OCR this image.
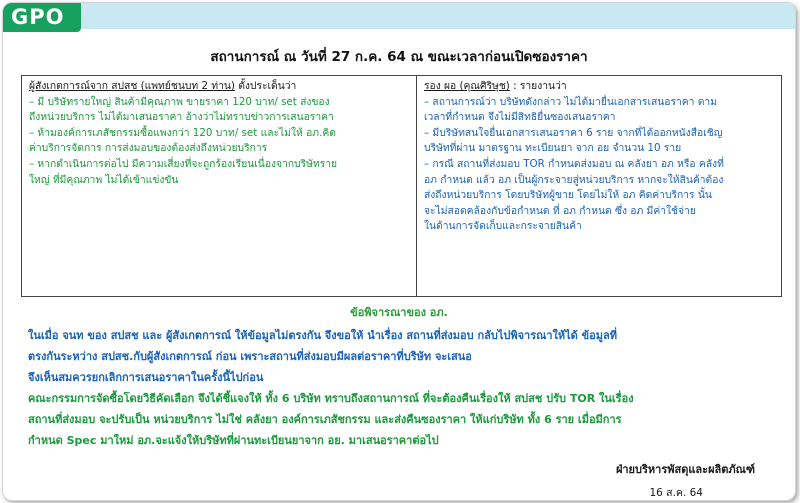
GPO
สถานการณ์ ณ วันที่ 27 ก.ค. 64 ณ ขณะเวลาก่อนเปิดซองราคา

ผู้สังเกตการณ์จาก สปสช (แพทย์ชนบท 2 ท่าน) ตั้งประเด็นว่า

– มี บริษัทรายใหญ่ สินค้ามีคุณภาพ ขายราคา 120 บาท/ set ส่งของ

ถึงหน่วยบริการ ไม่ได้มาเสนอราคา อ้างว่าไม่ทราบข่าวการเสนอราคา

– ห้ามองค์การเภสัชกรรมซื้อแพงกว่า 120 บาท/ set และไม่ให้ อภ.คิด

ค่าบริการจัดการ การส่งมอบของต้องส่งถึงหน่วยบริการ

– หากดำเนินการต่อไป มีความเสี่ยงที่จะถูกร้องเรียนเนื่องจากบริษัทราย

ใหญ่ ที่มีคุณภาพ ไม่ได้เข้าแข่งขัน

รอง ผอ (คุณศิริษุช) : รายงานว่า

– สถานการณ์ว่า บริษัทดังกล่าว ไม่ได้มายื่นเอกสารเสนอราคา ตาม

เวลาที่กำหนด จึงไม่มีสิทธิยื่นซองเสนอราคา

– มีบริษัทสนใจยื่นเอกสารเสนอราคา 6 ราย จากที่ได้ออกหนังสือเชิญ

บริษัทที่ผ่าน มาตรฐาน ทะเบียนยา จาก อย จำนวน 10 ราย

– กรณี สถานที่ส่งมอบ TOR กำหนดส่งมอบ ณ คลังยา อภ หรือ คลังที่

อภ กำหนด แล้ว อภ เป็นผู้กระจายสู่หน่วยบริการ หากจะให้สินค้าต้อง

ส่งถึงหน่วยบริการ โดยบริษัทผู้ขาย โดยไม่ให้ อภ คิดค่าบริการ นั้น

จะไม่สอดคล้องกับข้อกำหนด ที่ อภ กำหนด ซึ่ง อภ มีค่าใช้จ่าย

ในด้านการจัดเก็บและกระจายสินค้า

ข้อพิจารณาของ อภ.

ในเมื่อ จนท ของ สปสช และ ผู้สังเกตการณ์ ให้ข้อมูลไม่ตรงกัน จึงขอให้ นำเรื่อง สถานที่ส่งมอบ กลับไปพิจารณาให้ได้ ข้อมูลที่

ตรงกันระหว่าง สปสช.กับผู้สังเกตการณ์ ก่อน เพราะสถานที่ส่งมอบมีผลต่อราคาที่บริษัท จะเสนอ

จึงเห็นสมควรยกเลิกการเสนอราคาในครั้งนี้ไปก่อน

คณะกรรมการจัดซื้อโดยวิธีคัดเลือก จึงได้ชี้แจงให้ ทั้ง 6 บริษัท ทราบถึงสถานการณ์ ที่จะต้องคืนเรื่องให้ สปสช ปรับ TOR ในเรื่อง

สถานที่ส่งมอบ จะปรับเป็น หน่วยบริการ ไม่ใช่ คลังยา องค์การเภสัชกรรม และส่งคืนซองราคา ให้แก่บริษัท ทั้ง 6 ราย เมื่อมีการ

กำหนด Spec มาใหม่ อภ.จะแจ้งให้บริษัทที่ผ่านทะเบียนยาจาก อย. มาเสนอราคาต่อไป

ฝ่ายบริหารพัสดุและผลิตภัณฑ์
16 ส.ค. 64
